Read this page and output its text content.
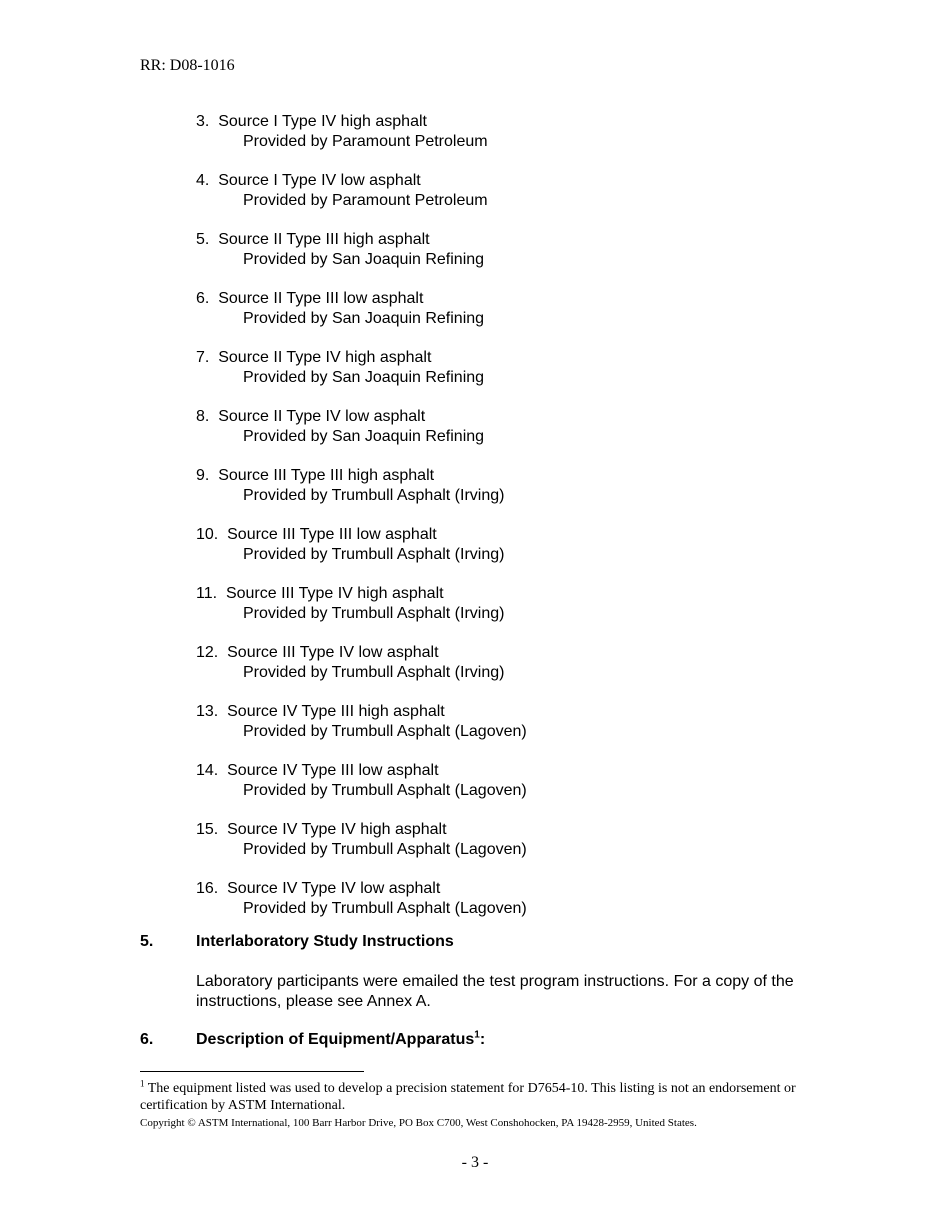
RR: D08-1016
3.  Source I Type IV high asphalt
Provided by Paramount Petroleum
4.  Source I Type IV low asphalt
Provided by Paramount Petroleum
5.  Source II Type III high asphalt
Provided by San Joaquin Refining
6.  Source II Type III low asphalt
Provided by San Joaquin Refining
7.  Source II Type IV high asphalt
Provided by San Joaquin Refining
8.  Source II Type IV low asphalt
Provided by San Joaquin Refining
9.  Source III Type III high asphalt
Provided by Trumbull Asphalt (Irving)
10.  Source III Type III low asphalt
Provided by Trumbull Asphalt (Irving)
11.  Source III Type IV high asphalt
Provided by Trumbull Asphalt (Irving)
12.  Source III Type IV low asphalt
Provided by Trumbull Asphalt (Irving)
13.  Source IV Type III high asphalt
Provided by Trumbull Asphalt (Lagoven)
14.  Source IV Type III low asphalt
Provided by Trumbull Asphalt (Lagoven)
15.  Source IV Type IV high asphalt
Provided by Trumbull Asphalt (Lagoven)
16.  Source IV Type IV low asphalt
Provided by Trumbull Asphalt (Lagoven)
5.	Interlaboratory Study Instructions
Laboratory participants were emailed the test program instructions. For a copy of the instructions, please see Annex A.
6.	Description of Equipment/Apparatus$^1$:
$^1$ The equipment listed was used to develop a precision statement for D7654-10. This listing is not an endorsement or certification by ASTM International.
Copyright © ASTM International, 100 Barr Harbor Drive, PO Box C700, West Conshohocken, PA 19428-2959, United States.
- 3 -
